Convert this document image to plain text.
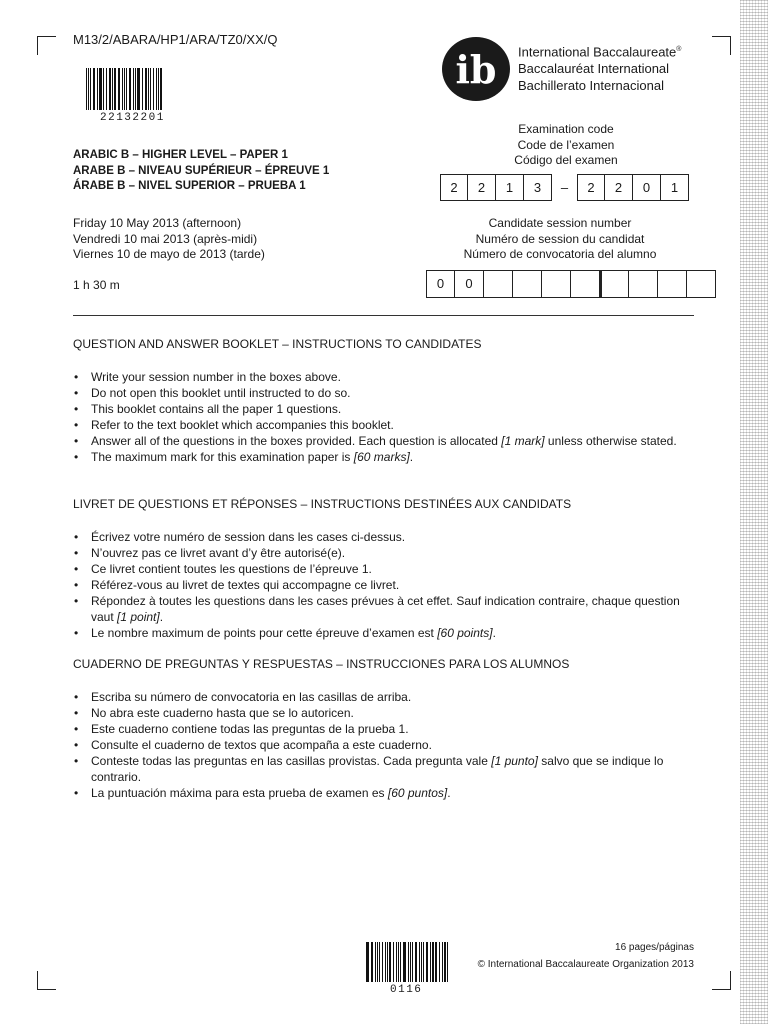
M13/2/ABARA/HP1/ARA/TZ0/XX/Q
22132201
ib International Baccalaureate®
Baccalauréat International
Bachillerato Internacional
ARABIC B – HIGHER LEVEL – PAPER 1
ARABE B – NIVEAU SUPÉRIEUR – ÉPREUVE 1
ÁRABE B – NIVEL SUPERIOR – PRUEBA 1
Friday 10 May 2013 (afternoon)
Vendredi 10 mai 2013 (après-midi)
Viernes 10 de mayo de 2013 (tarde)
1 h 30 m
Examination code
Code de l’examen
Código del examen
2	2	1	3	–	2	2	0	1
Candidate session number
Numéro de session du candidat
Número de convocatoria del alumno
0	0
QUESTION AND ANSWER BOOKLET – INSTRUCTIONS TO CANDIDATES
• Write your session number in the boxes above.
• Do not open this booklet until instructed to do so.
• This booklet contains all the paper 1 questions.
• Refer to the text booklet which accompanies this booklet.
• Answer all of the questions in the boxes provided. Each question is allocated [1 mark] unless otherwise stated.
• The maximum mark for this examination paper is [60 marks].
LIVRET DE QUESTIONS ET RÉPONSES – INSTRUCTIONS DESTINÉES AUX CANDIDATS
• Écrivez votre numéro de session dans les cases ci-dessus.
• N’ouvrez pas ce livret avant d’y être autorisé(e).
• Ce livret contient toutes les questions de l’épreuve 1.
• Référez-vous au livret de textes qui accompagne ce livret.
• Répondez à toutes les questions dans les cases prévues à cet effet. Sauf indication contraire, chaque question vaut [1 point].
• Le nombre maximum de points pour cette épreuve d’examen est [60 points].
CUADERNO DE PREGUNTAS Y RESPUESTAS – INSTRUCCIONES PARA LOS ALUMNOS
• Escriba su número de convocatoria en las casillas de arriba.
• No abra este cuaderno hasta que se lo autoricen.
• Este cuaderno contiene todas las preguntas de la prueba 1.
• Consulte el cuaderno de textos que acompaña a este cuaderno.
• Conteste todas las preguntas en las casillas provistas. Cada pregunta vale [1 punto] salvo que se indique lo contrario.
• La puntuación máxima para esta prueba de examen es [60 puntos].
0116
16 pages/páginas
© International Baccalaureate Organization 2013
